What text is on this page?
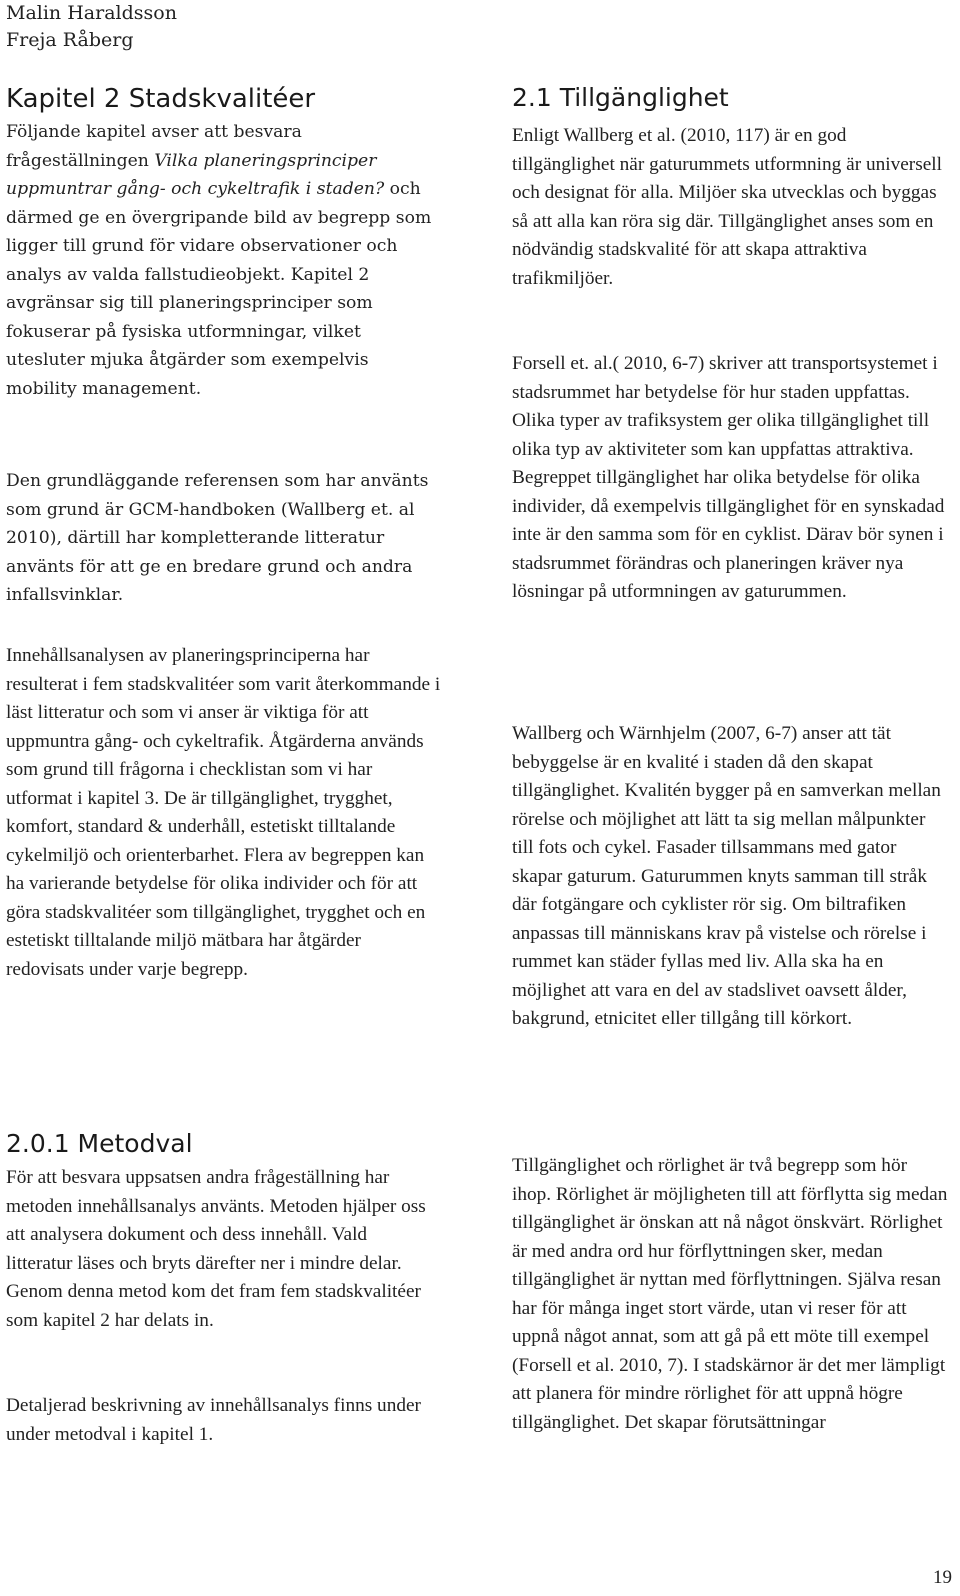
Malin Haraldsson
Freja Råberg
Kapitel 2 Stadskvalitéer

Följande kapitel avser att besvara frågeställningen Vilka planeringsprinciper uppmuntrar gång- och cykeltrafik i staden? och därmed ge en övergripande bild av begrepp som ligger till grund för vidare observationer och analys av valda fallstudieobjekt. Kapitel 2 avgränsar sig till planeringsprinciper som fokuserar på fysiska utformningar, vilket utesluter mjuka åtgärder som exempelvis mobility management.

Den grundläggande referensen som har använts som grund är GCM-handboken (Wallberg et. al 2010), därtill har kompletterande litteratur använts för att ge en bredare grund och andra infallsvinklar.

Innehållsanalysen av planeringsprinciperna har resulterat i fem stadskvalitéer som varit återkommande i läst litteratur och som vi anser är viktiga för att uppmuntra gång- och cykeltrafik. Åtgärderna används som grund till frågorna i checklistan som vi har utformat i kapitel 3. De är tillgänglighet, trygghet, komfort, standard & underhåll, estetiskt tilltalande cykelmiljö och orienterbarhet. Flera av begreppen kan ha varierande betydelse för olika individer och för att göra stadskvalitéer som tillgänglighet, trygghet och en estetiskt tilltalande miljö mätbara har åtgärder redovisats under varje begrepp.

2.0.1 Metodval

För att besvara uppsatsen andra frågeställning har metoden innehållsanalys använts. Metoden hjälper oss att analysera dokument och dess innehåll. Vald litteratur läses och bryts därefter ner i mindre delar. Genom denna metod kom det fram fem stadskvalitéer som kapitel 2 har delats in.

Detaljerad beskrivning av innehållsanalys finns under under metodval i kapitel 1.

2.1 Tillgänglighet

Enligt Wallberg et al. (2010, 117) är en god tillgänglighet när gaturummets utformning är universell och designat för alla. Miljöer ska utvecklas och byggas så att alla kan röra sig där. Tillgänglighet anses som en nödvändig stadskvalité för att skapa attraktiva trafikmiljöer.

Forsell et. al.( 2010, 6-7) skriver att transportsystemet i stadsrummet har betydelse för hur staden uppfattas. Olika typer av trafiksystem ger olika tillgänglighet till olika typ av aktiviteter som kan uppfattas attraktiva. Begreppet tillgänglighet har olika betydelse för olika individer, då exempelvis tillgänglighet för en synskadad inte är den samma som för en cyklist. Därav bör synen i stadsrummet förändras och planeringen kräver nya lösningar på utformningen av gaturummen.

Wallberg och Wärnhjelm (2007, 6-7) anser att tät bebyggelse är en kvalité i staden då den skapat tillgänglighet. Kvalitén bygger på en samverkan mellan rörelse och möjlighet att lätt ta sig mellan målpunkter till fots och cykel. Fasader tillsammans med gator skapar gaturum. Gaturummen knyts samman till stråk där fotgängare och cyklister rör sig. Om biltrafiken anpassas till människans krav på vistelse och rörelse i rummet kan städer fyllas med liv. Alla ska ha en möjlighet att vara en del av stadslivet oavsett ålder, bakgrund, etnicitet eller tillgång till körkort.

Tillgänglighet och rörlighet är två begrepp som hör ihop. Rörlighet är möjligheten till att förflytta sig medan tillgänglighet är önskan att nå något önskvärt. Rörlighet är med andra ord hur förflyttningen sker, medan tillgänglighet är nyttan med förflyttningen. Själva resan har för många inget stort värde, utan vi reser för att uppnå något annat, som att gå på ett möte till exempel (Forsell et al. 2010, 7). I stadskärnor är det mer lämpligt att planera för mindre rörlighet för att uppnå högre tillgänglighet. Det skapar förutsättningar

19
